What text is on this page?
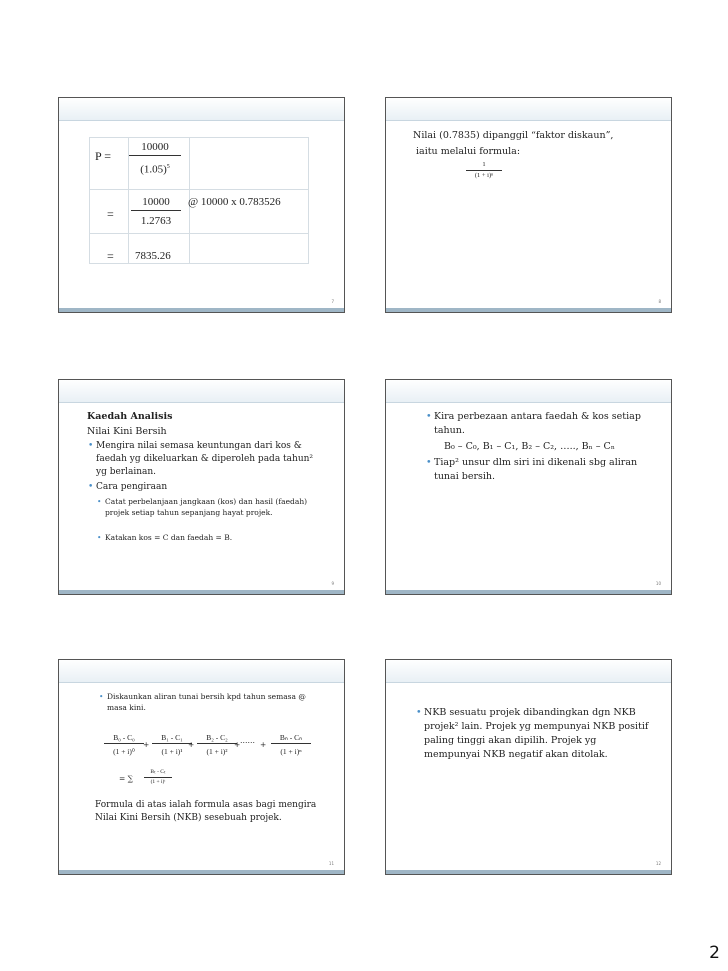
$P = \frac{10000}{(1.05)^5}$
= $\frac{10000}{1.2763}$ @ 10000 x 0.783526
= 7835.26
7
Nilai (0.7835) dipanggil “faktor diskaun”,
iaitu melalui formula:
$\frac{1}{\text{(1 + i)ⁿ}}$
8
Kaedah Analisis
Nilai Kini Bersih
• Mengira nilai semasa keuntungan dari kos & faedah yg dikeluarkan & diperoleh pada tahun² yg berlainan.
• Cara pengiraan
• Catat perbelanjaan jangkaan (kos) dan hasil (faedah) projek setiap tahun sepanjang hayat projek.
• Katakan kos = C dan faedah = B.
9
• Kira perbezaan antara faedah & kos setiap tahun.
B₀ – C₀, B₁ – C₁, B₂ – C₂, ….., Bₙ – Cₙ
• Tiap² unsur dlm siri ini dikenali sbg aliran tunai bersih.
10
• Diskaunkan aliran tunai bersih kpd tahun semasa @ masa kini.
$\frac{\text{B₀ - C₀}}{\text{(1 + i)⁰}} + \frac{\text{B₁ - C₁}}{\text{(1 + i)¹}}$
+ $\frac{\text{B₂ - C₂}}{\text{(1 + i)²}}$
+ …… + $\frac{\text{Bₙ - Cₙ}}{\text{(1 + i)ⁿ}}$
= ∑ $\frac{\text{Bₜ - Cₜ}}{\text{(1 + i)ᵗ}}$
Formula di atas ialah formula asas bagi mengira Nilai Kini Bersih (NKB) sesebuah projek.
11
• NKB sesuatu projek dibandingkan dgn NKB projek² lain. Projek yg mempunyai NKB positif paling tinggi akan dipilih. Projek yg mempunyai NKB negatif akan ditolak.
12
2
